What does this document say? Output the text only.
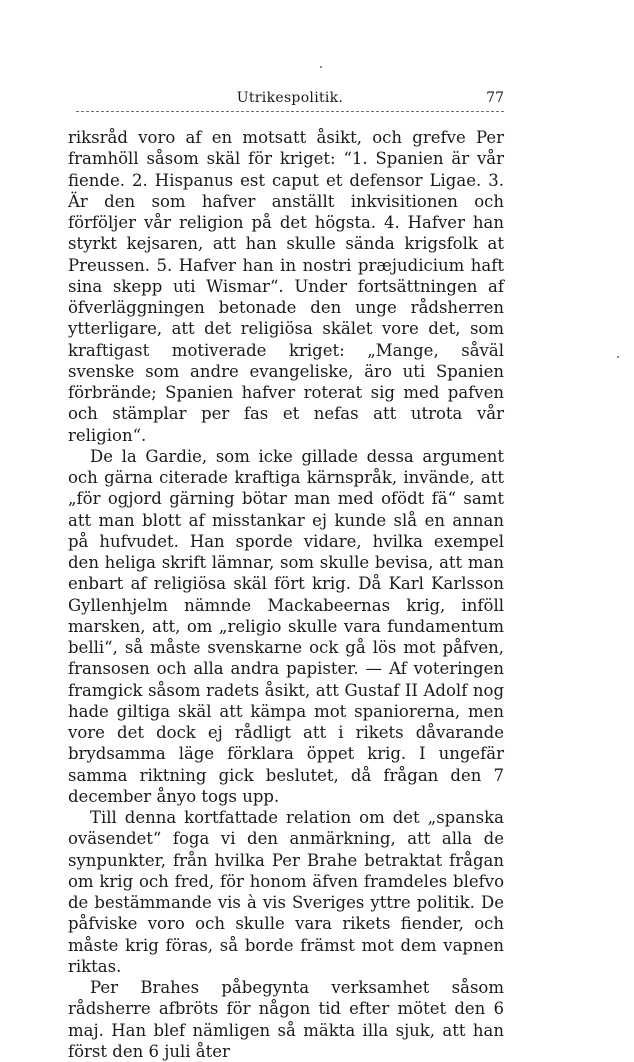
Utrikespolitik.	77

riksråd voro af en motsatt åsikt, och grefve Per framhöll såsom skäl för kriget: “1. Spanien är vår fiende. 2. Hispanus est caput et defensor Ligae. 3. Är den som hafver anställt inkvisitionen och förföljer vår religion på det högsta. 4. Hafver han styrkt kejsaren, att han skulle sända krigsfolk at Preussen. 5. Hafver han in nostri præjudicium haft sina skepp uti Wismar“. Under fortsättningen af öfverläggningen betonade den unge rådsherren ytterligare, att det religiösa skälet vore det, som kraftigast motiverade kriget: „Mange, såväl svenske som andre evangeliske, äro uti Spanien förbrände; Spanien hafver roterat sig med pafven och stämplar per fas et nefas att utrota vår religion“.

De la Gardie, som icke gillade dessa argument och gärna citerade kraftiga kärnspråk, invände, att „för ogjord gärning bötar man med ofödt fä“ samt att man blott af misstankar ej kunde slå en annan på hufvudet. Han sporde vidare, hvilka exempel den heliga skrift lämnar, som skulle bevisa, att man enbart af religiösa skäl fört krig. Då Karl Karlsson Gyllenhjelm nämnde Mackabeernas krig, inföll marsken, att, om „religio skulle vara fundamentum belli“, så måste svenskarne ock gå lös mot påfven, fransosen och alla andra papister. — Af voteringen framgick såsom radets åsikt, att Gustaf II Adolf nog hade giltiga skäl att kämpa mot spaniorerna, men vore det dock ej rådligt att i rikets dåvarande brydsamma läge förklara öppet krig. I ungefär samma riktning gick beslutet, då frågan den 7 december ånyo togs upp.

Till denna kortfattade relation om det „spanska oväsendet“ foga vi den anmärkning, att alla de synpunkter, från hvilka Per Brahe betraktat frågan om krig och fred, för honom äfven framdeles blefvo de bestämmande vis à vis Sveriges yttre politik. De påfviske voro och skulle vara rikets fiender, och måste krig föras, så borde främst mot dem vapnen riktas.

Per Brahes påbegynta verksamhet såsom rådsherre afbröts för någon tid efter mötet den 6 maj. Han blef nämligen så mäkta illa sjuk, att han först den 6 juli åter
